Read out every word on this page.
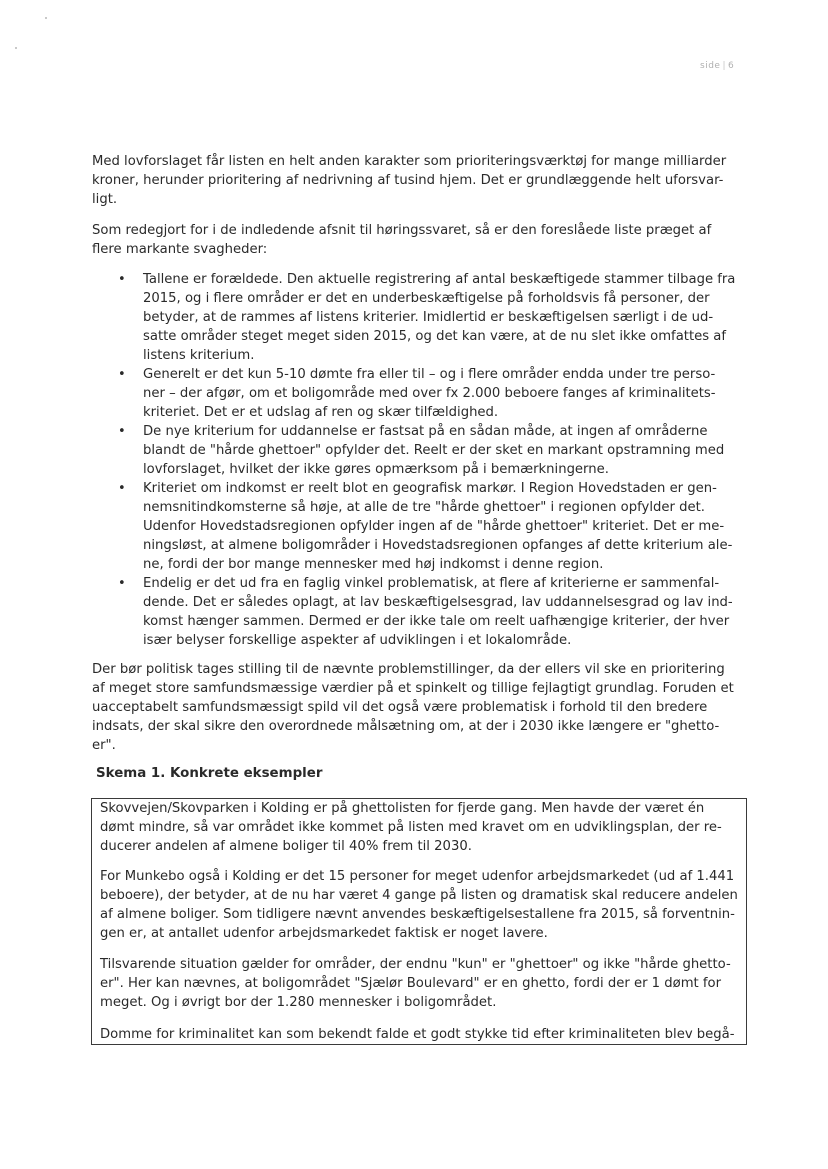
side | 6

Med lovforslaget får listen en helt anden karakter som prioriteringsværktøj for mange milliarder
kroner, herunder prioritering af nedrivning af tusind hjem. Det er grundlæggende helt uforsvar-
ligt.

Som redegjort for i de indledende afsnit til høringssvaret, så er den foreslåede liste præget af
flere markante svagheder:

• Tallene er forældede. Den aktuelle registrering af antal beskæftigede stammer tilbage fra
2015, og i flere områder er det en underbeskæftigelse på forholdsvis få personer, der
betyder, at de rammes af listens kriterier. Imidlertid er beskæftigelsen særligt i de ud-
satte områder steget meget siden 2015, og det kan være, at de nu slet ikke omfattes af
listens kriterium.
• Generelt er det kun 5-10 dømte fra eller til – og i flere områder endda under tre perso-
ner – der afgør, om et boligområde med over fx 2.000 beboere fanges af kriminalitets-
kriteriet. Det er et udslag af ren og skær tilfældighed.
• De nye kriterium for uddannelse er fastsat på en sådan måde, at ingen af områderne
blandt de "hårde ghettoer" opfylder det. Reelt er der sket en markant opstramning med
lovforslaget, hvilket der ikke gøres opmærksom på i bemærkningerne.
• Kriteriet om indkomst er reelt blot en geografisk markør. I Region Hovedstaden er gen-
nemsnitindkomsterne så høje, at alle de tre "hårde ghettoer" i regionen opfylder det.
Udenfor Hovedstadsregionen opfylder ingen af de "hårde ghettoer" kriteriet. Det er me-
ningsløst, at almene boligområder i Hovedstadsregionen opfanges af dette kriterium ale-
ne, fordi der bor mange mennesker med høj indkomst i denne region.
• Endelig er det ud fra en faglig vinkel problematisk, at flere af kriterierne er sammenfal-
dende. Det er således oplagt, at lav beskæftigelsesgrad, lav uddannelsesgrad og lav ind-
komst hænger sammen. Dermed er der ikke tale om reelt uafhængige kriterier, der hver
især belyser forskellige aspekter af udviklingen i et lokalområde.

Der bør politisk tages stilling til de nævnte problemstillinger, da der ellers vil ske en prioritering
af meget store samfundsmæssige værdier på et spinkelt og tillige fejlagtigt grundlag. Foruden et
uacceptabelt samfundsmæssigt spild vil det også være problematisk i forhold til den bredere
indsats, der skal sikre den overordnede målsætning om, at der i 2030 ikke længere er "ghetto-
er".

Skema 1. Konkrete eksempler

Skovvejen/Skovparken i Kolding er på ghettolisten for fjerde gang. Men havde der været én
dømt mindre, så var området ikke kommet på listen med kravet om en udviklingsplan, der re-
ducerer andelen af almene boliger til 40% frem til 2030.

For Munkebo også i Kolding er det 15 personer for meget udenfor arbejdsmarkedet (ud af 1.441
beboere), der betyder, at de nu har været 4 gange på listen og dramatisk skal reducere andelen
af almene boliger. Som tidligere nævnt anvendes beskæftigelsestallene fra 2015, så forventnin-
gen er, at antallet udenfor arbejdsmarkedet faktisk er noget lavere.

Tilsvarende situation gælder for områder, der endnu "kun" er "ghettoer" og ikke "hårde ghetto-
er". Her kan nævnes, at boligområdet "Sjælør Boulevard" er en ghetto, fordi der er 1 dømt for
meget. Og i øvrigt bor der 1.280 mennesker i boligområdet.

Domme for kriminalitet kan som bekendt falde et godt stykke tid efter kriminaliteten blev begå-
